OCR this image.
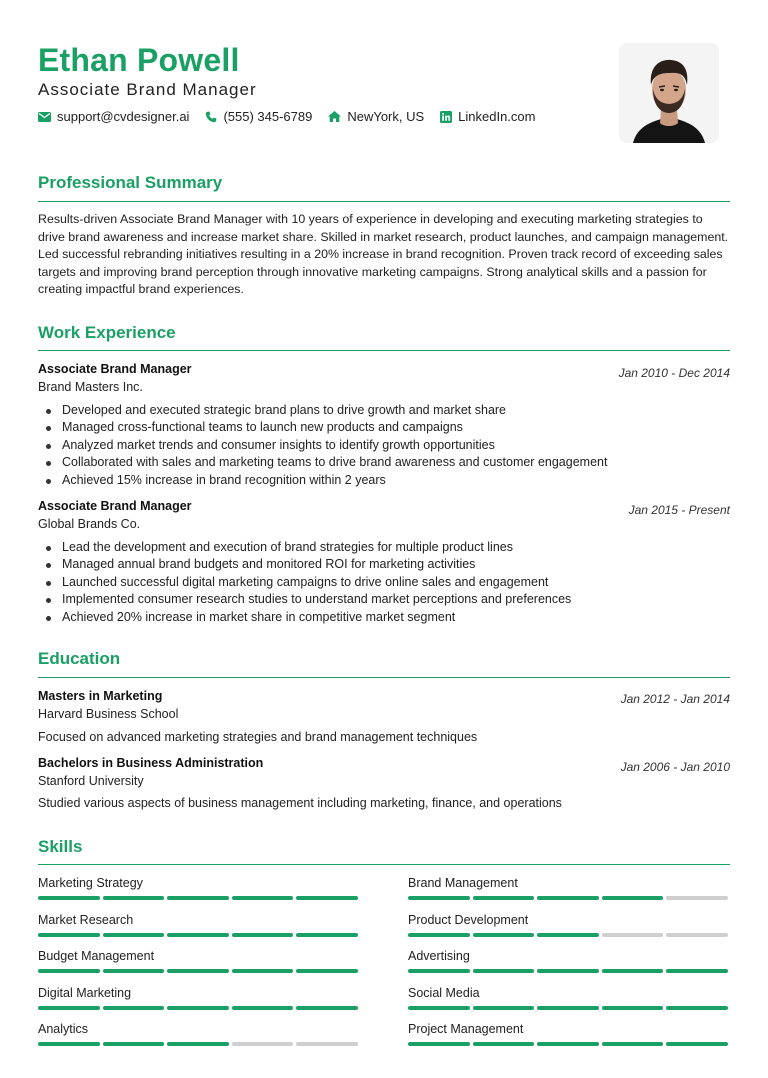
Ethan Powell
Associate Brand Manager
support@cvdesigner.ai	(555) 345-6789	NewYork, US	LinkedIn.com
Professional Summary
Results-driven Associate Brand Manager with 10 years of experience in developing and executing marketing strategies to drive brand awareness and increase market share. Skilled in market research, product launches, and campaign management. Led successful rebranding initiatives resulting in a 20% increase in brand recognition. Proven track record of exceeding sales targets and improving brand perception through innovative marketing campaigns. Strong analytical skills and a passion for creating impactful brand experiences.
Work Experience
Associate Brand Manager	Jan 2010 - Dec 2014
Brand Masters Inc.
Developed and executed strategic brand plans to drive growth and market share
Managed cross-functional teams to launch new products and campaigns
Analyzed market trends and consumer insights to identify growth opportunities
Collaborated with sales and marketing teams to drive brand awareness and customer engagement
Achieved 15% increase in brand recognition within 2 years
Associate Brand Manager	Jan 2015 - Present
Global Brands Co.
Lead the development and execution of brand strategies for multiple product lines
Managed annual brand budgets and monitored ROI for marketing activities
Launched successful digital marketing campaigns to drive online sales and engagement
Implemented consumer research studies to understand market perceptions and preferences
Achieved 20% increase in market share in competitive market segment
Education
Masters in Marketing	Jan 2012 - Jan 2014
Harvard Business School
Focused on advanced marketing strategies and brand management techniques
Bachelors in Business Administration	Jan 2006 - Jan 2010
Stanford University
Studied various aspects of business management including marketing, finance, and operations
Skills
Marketing Strategy	Brand Management
Market Research	Product Development
Budget Management	Advertising
Digital Marketing	Social Media
Analytics	Project Management
